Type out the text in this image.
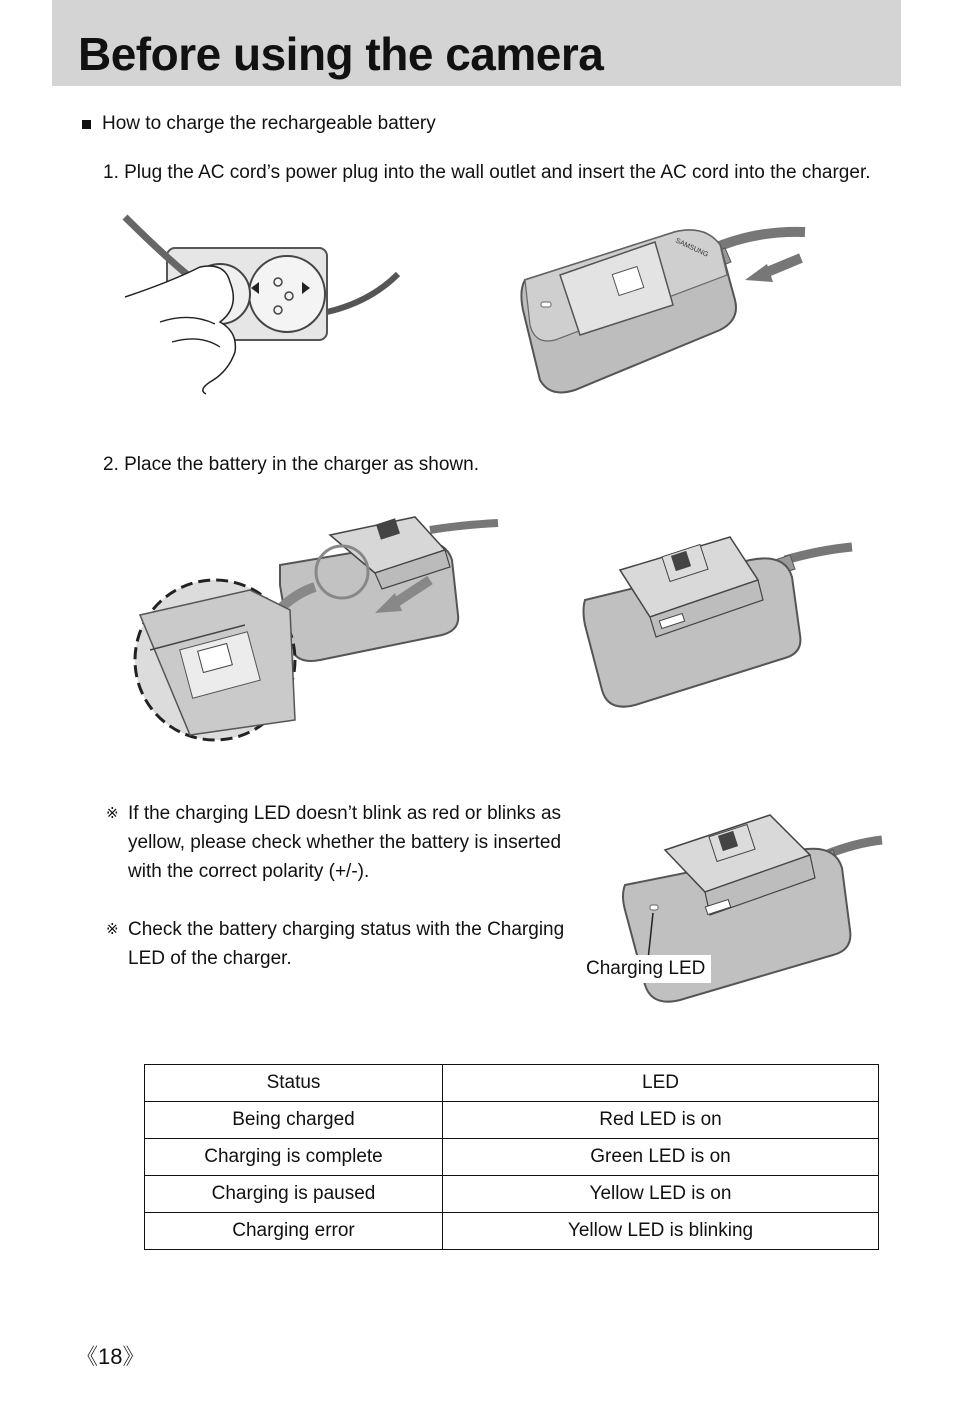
Before using the camera
How to charge the rechargeable battery
1. Plug the AC cord’s power plug into the wall outlet and insert the AC cord into the charger.
SAMSUNG
2. Place the battery in the charger as shown.
※ If the charging LED doesn’t blink as red or blinks as
yellow, please check whether the battery is inserted
with the correct polarity (+/-).
※ Check the battery charging status with the Charging
LED of the charger.	Charging LED
Status	LED
Being charged	Red LED is on
Charging is complete	Green LED is on
Charging is paused	Yellow LED is on
Charging error	Yellow LED is blinking
《18》
